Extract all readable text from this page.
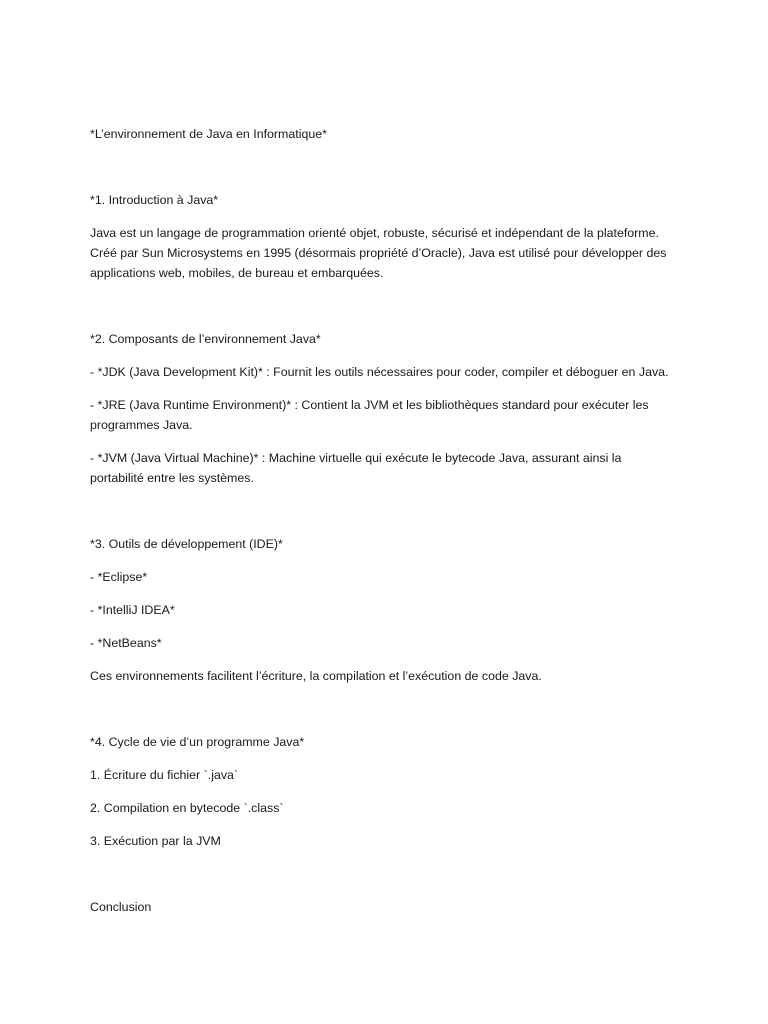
*L’environnement de Java en Informatique*
*1. Introduction à Java*
Java est un langage de programmation orienté objet, robuste, sécurisé et indépendant de la plateforme.
Créé par Sun Microsystems en 1995 (désormais propriété d’Oracle), Java est utilisé pour développer des
applications web, mobiles, de bureau et embarquées.
*2. Composants de l’environnement Java*
- *JDK (Java Development Kit)* : Fournit les outils nécessaires pour coder, compiler et déboguer en Java.
- *JRE (Java Runtime Environment)* : Contient la JVM et les bibliothèques standard pour exécuter les
programmes Java.
- *JVM (Java Virtual Machine)* : Machine virtuelle qui exécute le bytecode Java, assurant ainsi la
portabilité entre les systèmes.
*3. Outils de développement (IDE)*
- *Eclipse*
- *IntelliJ IDEA*
- *NetBeans*
Ces environnements facilitent l’écriture, la compilation et l’exécution de code Java.
*4. Cycle de vie d’un programme Java*
1. Écriture du fichier `.java`
2. Compilation en bytecode `.class`
3. Exécution par la JVM
Conclusion
